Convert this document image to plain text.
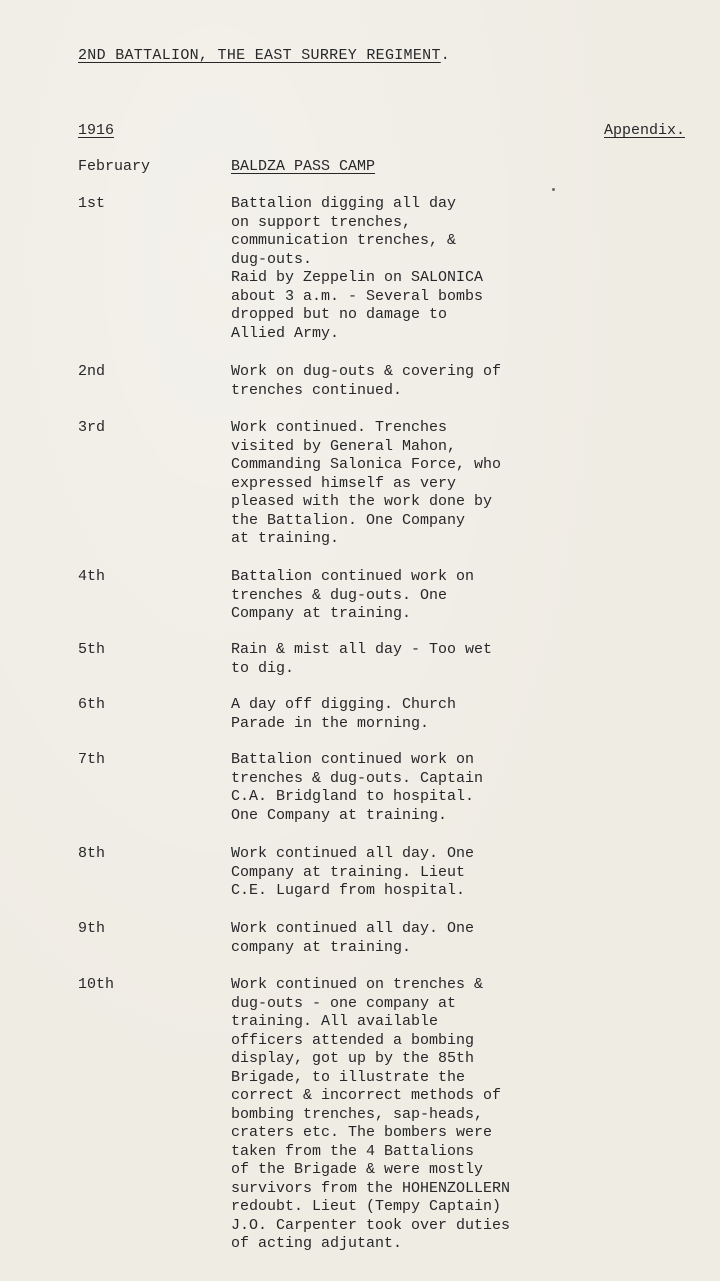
2ND BATTALION, THE EAST SURREY REGIMENT.
1916	Appendix.
February	BALDZA PASS CAMP
1st	Battalion digging all day
on support trenches,
communication trenches, &
dug-outs.
Raid by Zeppelin on SALONICA
about 3 a.m. - Several bombs
dropped but no damage to
Allied Army.
2nd	Work on dug-outs & covering of
trenches continued.
3rd	Work continued. Trenches
visited by General Mahon,
Commanding Salonica Force, who
expressed himself as very
pleased with the work done by
the Battalion. One Company
at training.
4th	Battalion continued work on
trenches & dug-outs. One
Company at training.
5th	Rain & mist all day - Too wet
to dig.
6th	A day off digging. Church
Parade in the morning.
7th	Battalion continued work on
trenches & dug-outs. Captain
C.A. Bridgland to hospital.
One Company at training.
8th	Work continued all day. One
Company at training. Lieut
C.E. Lugard from hospital.
9th	Work continued all day. One
company at training.
10th	Work continued on trenches &
dug-outs - one company at
training. All available
officers attended a bombing
display, got up by the 85th
Brigade, to illustrate the
correct & incorrect methods of
bombing trenches, sap-heads,
craters etc. The bombers were
taken from the 4 Battalions
of the Brigade & were mostly
survivors from the HOHENZOLLERN
redoubt. Lieut (Tempy Captain)
J.O. Carpenter took over duties
of acting adjutant.
